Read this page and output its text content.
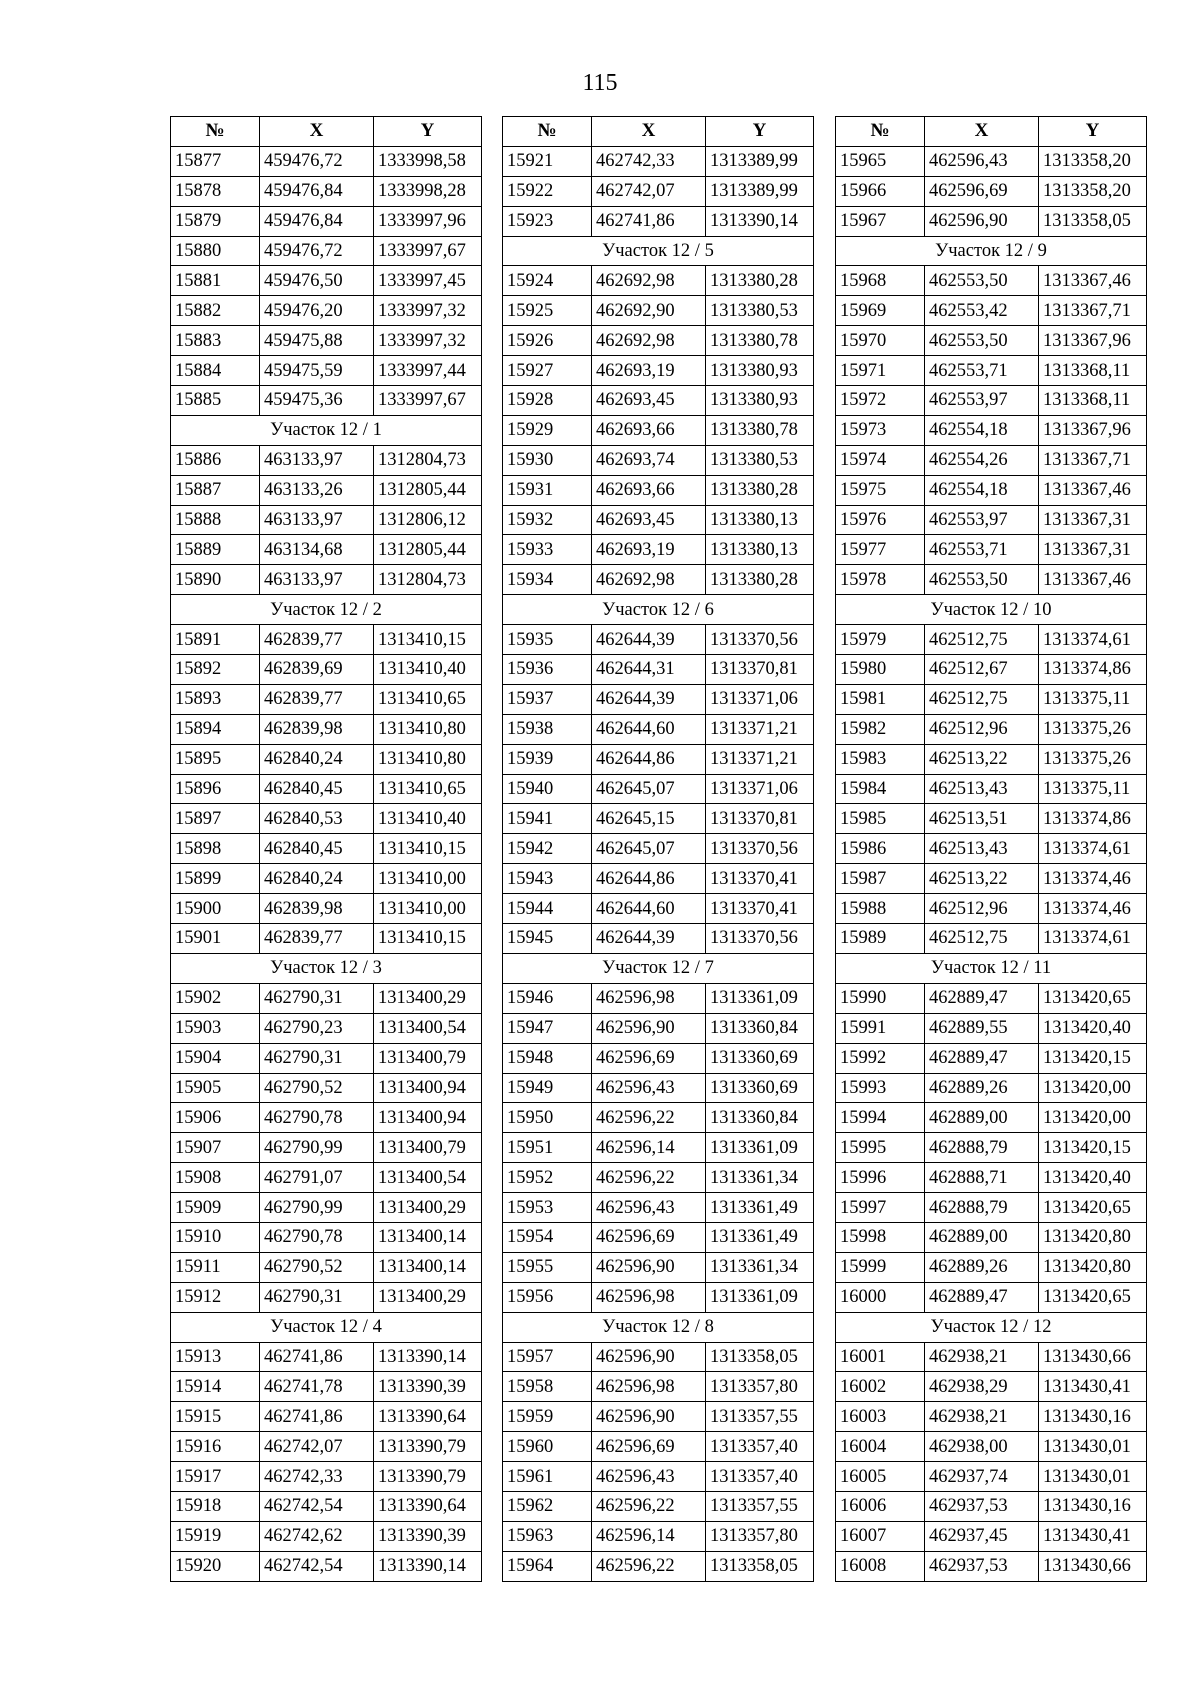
115
№	X	Y
15877	459476,72	1333998,58
15878	459476,84	1333998,28
15879	459476,84	1333997,96
15880	459476,72	1333997,67
15881	459476,50	1333997,45
15882	459476,20	1333997,32
15883	459475,88	1333997,32
15884	459475,59	1333997,44
15885	459475,36	1333997,67
Участок 12 / 1		
15886	463133,97	1312804,73
15887	463133,26	1312805,44
15888	463133,97	1312806,12
15889	463134,68	1312805,44
15890	463133,97	1312804,73
Участок 12 / 2		
15891	462839,77	1313410,15
15892	462839,69	1313410,40
15893	462839,77	1313410,65
15894	462839,98	1313410,80
15895	462840,24	1313410,80
15896	462840,45	1313410,65
15897	462840,53	1313410,40
15898	462840,45	1313410,15
15899	462840,24	1313410,00
15900	462839,98	1313410,00
15901	462839,77	1313410,15
Участок 12 / 3		
15902	462790,31	1313400,29
15903	462790,23	1313400,54
15904	462790,31	1313400,79
15905	462790,52	1313400,94
15906	462790,78	1313400,94
15907	462790,99	1313400,79
15908	462791,07	1313400,54
15909	462790,99	1313400,29
15910	462790,78	1313400,14
15911	462790,52	1313400,14
15912	462790,31	1313400,29
Участок 12 / 4		
15913	462741,86	1313390,14
15914	462741,78	1313390,39
15915	462741,86	1313390,64
15916	462742,07	1313390,79
15917	462742,33	1313390,79
15918	462742,54	1313390,64
15919	462742,62	1313390,39
15920	462742,54	1313390,14
№	X	Y
15921	462742,33	1313389,99
15922	462742,07	1313389,99
15923	462741,86	1313390,14
Участок 12 / 5		
15924	462692,98	1313380,28
15925	462692,90	1313380,53
15926	462692,98	1313380,78
15927	462693,19	1313380,93
15928	462693,45	1313380,93
15929	462693,66	1313380,78
15930	462693,74	1313380,53
15931	462693,66	1313380,28
15932	462693,45	1313380,13
15933	462693,19	1313380,13
15934	462692,98	1313380,28
Участок 12 / 6		
15935	462644,39	1313370,56
15936	462644,31	1313370,81
15937	462644,39	1313371,06
15938	462644,60	1313371,21
15939	462644,86	1313371,21
15940	462645,07	1313371,06
15941	462645,15	1313370,81
15942	462645,07	1313370,56
15943	462644,86	1313370,41
15944	462644,60	1313370,41
15945	462644,39	1313370,56
Участок 12 / 7		
15946	462596,98	1313361,09
15947	462596,90	1313360,84
15948	462596,69	1313360,69
15949	462596,43	1313360,69
15950	462596,22	1313360,84
15951	462596,14	1313361,09
15952	462596,22	1313361,34
15953	462596,43	1313361,49
15954	462596,69	1313361,49
15955	462596,90	1313361,34
15956	462596,98	1313361,09
Участок 12 / 8		
15957	462596,90	1313358,05
15958	462596,98	1313357,80
15959	462596,90	1313357,55
15960	462596,69	1313357,40
15961	462596,43	1313357,40
15962	462596,22	1313357,55
15963	462596,14	1313357,80
15964	462596,22	1313358,05
№	X	Y
15965	462596,43	1313358,20
15966	462596,69	1313358,20
15967	462596,90	1313358,05
Участок 12 / 9		
15968	462553,50	1313367,46
15969	462553,42	1313367,71
15970	462553,50	1313367,96
15971	462553,71	1313368,11
15972	462553,97	1313368,11
15973	462554,18	1313367,96
15974	462554,26	1313367,71
15975	462554,18	1313367,46
15976	462553,97	1313367,31
15977	462553,71	1313367,31
15978	462553,50	1313367,46
Участок 12 / 10		
15979	462512,75	1313374,61
15980	462512,67	1313374,86
15981	462512,75	1313375,11
15982	462512,96	1313375,26
15983	462513,22	1313375,26
15984	462513,43	1313375,11
15985	462513,51	1313374,86
15986	462513,43	1313374,61
15987	462513,22	1313374,46
15988	462512,96	1313374,46
15989	462512,75	1313374,61
Участок 12 / 11		
15990	462889,47	1313420,65
15991	462889,55	1313420,40
15992	462889,47	1313420,15
15993	462889,26	1313420,00
15994	462889,00	1313420,00
15995	462888,79	1313420,15
15996	462888,71	1313420,40
15997	462888,79	1313420,65
15998	462889,00	1313420,80
15999	462889,26	1313420,80
16000	462889,47	1313420,65
Участок 12 / 12		
16001	462938,21	1313430,66
16002	462938,29	1313430,41
16003	462938,21	1313430,16
16004	462938,00	1313430,01
16005	462937,74	1313430,01
16006	462937,53	1313430,16
16007	462937,45	1313430,41
16008	462937,53	1313430,66
